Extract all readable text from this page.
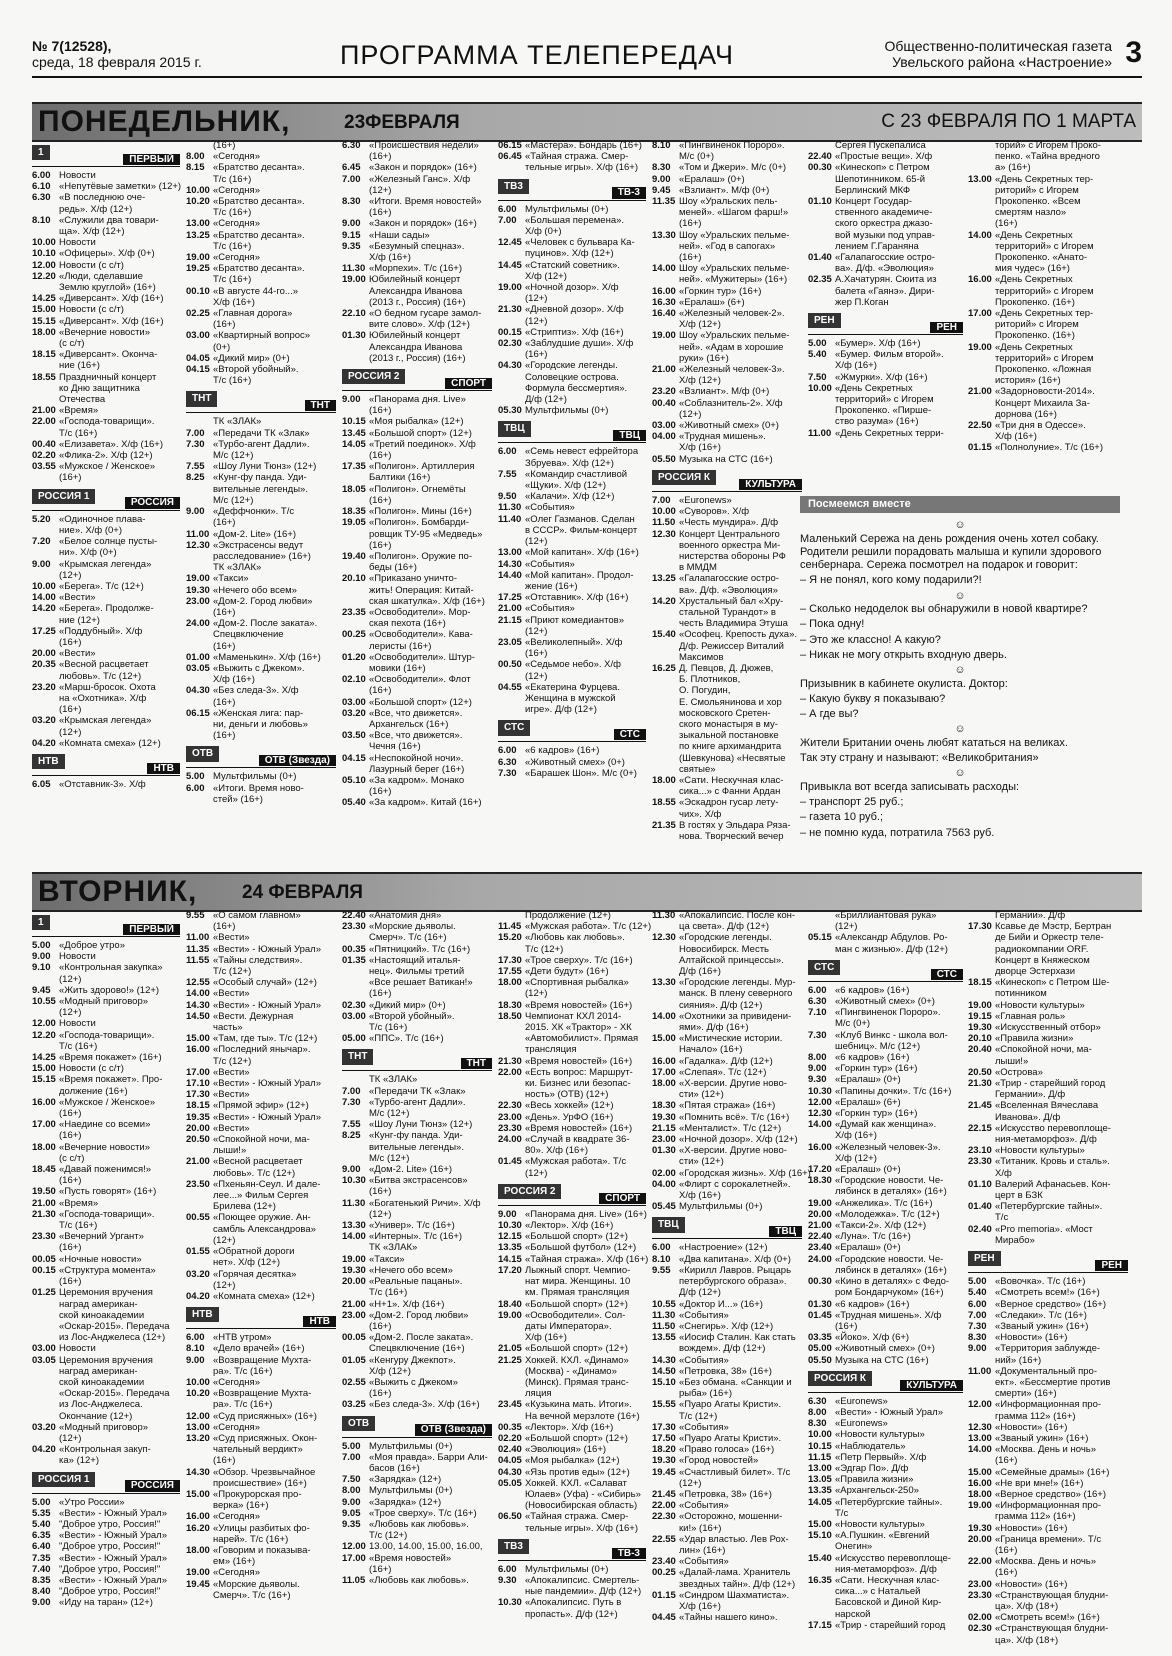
№ 7(12528),
среда, 18 февраля 2015 г.	ПРОГРАММА ТЕЛЕПЕРЕДАЧ	Общественно-политическая газета
Увельского района «Настроение» 3
ПОНЕДЕЛЬНИК,	23ФЕВРАЛЯ	С 23 ФЕВРАЛЯ ПО 1 МАРТА
1
ПЕРВЫЙ
6.00 Новости
6.10 «Непутёвые заметки» (12+)
6.30 «В последнюю оче-
редь». Х/ф (12+)
8.10 «Служили два товари-
ща». Х/ф (12+)
10.00 Новости
10.10 «Офицеры». Х/ф (0+)
12.00 Новости (с с/т)
12.20 «Люди, сделавшие
Землю круглой» (16+)
14.25 «Диверсант». Х/ф (16+)
15.00 Новости (с с/т)
15.15 «Диверсант». Х/ф (16+)
18.00 «Вечерние новости»
(с с/т)
18.15 «Диверсант». Оконча-
ние (16+)
18.55 Праздничный концерт
ко Дню защитника
Отечества
21.00 «Время»
22.00 «Господа-товарищи».
Т/с (16+)
00.40 «Елизавета». Х/ф (16+)
02.20 «Флика-2». Х/ф (12+)
03.55 «Мужское / Женское»
(16+)
РОССИЯ 1
РОССИЯ
5.20 «Одиночное плава-
ние». Х/ф (0+)
7.20 «Белое солнце пусты-
ни». Х/ф (0+)
9.00 «Крымская легенда»
(12+)
10.00 «Берега». Т/с (12+)
14.00 «Вести»
14.20 «Берега». Продолже-
ние (12+)
17.25 «Поддубный». Х/ф
(16+)
20.00 «Вести»
20.35 «Весной расцветает
любовь». Т/с (12+)
23.20 «Марш-бросок. Охота
на «Охотника». Х/ф
(16+)
03.20 «Крымская легенда»
(12+)
04.20 «Комната смеха» (12+)
НТВ
НТВ
6.05 «Отставник-3». Х/ф
(16+)
8.00 «Сегодня»
8.15 «Братство десанта».
Т/с (16+)
10.00 «Сегодня»
10.20 «Братство десанта».
Т/с (16+)
13.00 «Сегодня»
13.25 «Братство десанта».
Т/с (16+)
19.00 «Сегодня»
19.25 «Братство десанта».
Т/с (16+)
00.10 «В августе 44-го...»
Х/ф (16+)
02.25 «Главная дорога»
(16+)
03.00 «Квартирный вопрос»
(0+)
04.05 «Дикий мир» (0+)
04.15 «Второй убойный».
Т/с (16+)
ТНТ
ТНТ
ТК «ЗЛАК»
7.00 «Передачи ТК «Злак»
7.30 «Турбо-агент Дадли».
М/с (12+)
7.55 «Шоу Луни Тюнз» (12+)
8.25 «Кунг-фу панда. Уди-
вительные легенды».
М/с (12+)
9.00 «Деффчонки». Т/с
(16+)
11.00 «Дом-2. Lite» (16+)
12.30 «Экстрасенсы ведут
расследование» (16+)
ТК «ЗЛАК»
19.00 «Такси»
19.30 «Нечего обо всем»
23.00 «Дом-2. Город любви»
(16+)
24.00 «Дом-2. После заката».
Спецвключение
(16+)
01.00 «Маменькин». Х/ф (16+)
03.05 «Выжить с Джеком».
Х/ф (16+)
04.30 «Без следа-3». Х/ф
(16+)
06.15 «Женская лига: пар-
ни, деньги и любовь»
(16+)
ОТВ
ОТВ (Звезда)
5.00 Мультфильмы (0+)
6.00 «Итоги. Время ново-
стей» (16+)
6.30 «Происшествия недели»
(16+)
6.45 «Закон и порядок» (16+)
7.00 «Железный Ганс». Х/ф
(12+)
8.30 «Итоги. Время новостей»
(16+)
9.00 «Закон и порядок» (16+)
9.15 «Наши сады»
9.35 «Безумный спецназ».
Х/ф (16+)
11.30 «Морпехи». Т/с (16+)
19.00 Юбилейный концерт
Александра Иванова
(2013 г., Россия) (16+)
22.10 «О бедном гусаре замол-
вите слово». Х/ф (12+)
01.30 Юбилейный концерт
Александра Иванова
(2013 г., Россия) (16+)
РОССИЯ 2
СПОРТ
9.00 «Панорама дня. Live»
(16+)
10.15 «Моя рыбалка» (12+)
13.45 «Большой спорт» (12+)
14.05 «Третий поединок». Х/ф
(16+)
17.35 «Полигон». Артиллерия
Балтики (16+)
18.05 «Полигон». Огнемёты
(16+)
18.35 «Полигон». Мины (16+)
19.05 «Полигон». Бомбарди-
ровщик ТУ-95 «Медведь»
(16+)
19.40 «Полигон». Оружие по-
беды (16+)
20.10 «Приказано уничто-
жить! Операция: Китай-
ская шкатулка». Х/ф (16+)
23.35 «Освободители». Мор-
ская пехота (16+)
00.25 «Освободители». Кава-
леристы (16+)
01.20 «Освободители». Штур-
мовики (16+)
02.10 «Освободители». Флот
(16+)
03.00 «Большой спорт» (12+)
03.20 «Все, что движется».
Архангельск (16+)
03.50 «Все, что движется».
Чечня (16+)
04.15 «Неспокойной ночи».
Лазурный берег (16+)
05.10 «За кадром». Монако
(16+)
05.40 «За кадром». Китай (16+)
06.15 «Мастера». Бондарь (16+)
06.45 «Тайная стража. Смер-
тельные игры». Х/ф (16+)
ТВ3
ТВ-3
6.00 Мультфильмы (0+)
7.00 «Большая перемена».
Х/ф (0+)
12.45 «Человек с бульвара Ка-
пуцинов». Х/ф (12+)
14.45 «Статский советник».
Х/ф (12+)
19.00 «Ночной дозор». Х/ф
(12+)
21.30 «Дневной дозор». Х/ф
(12+)
00.15 «Стриптиз». Х/ф (16+)
02.30 «Заблудшие души». Х/ф
(16+)
04.30 «Городские легенды.
Соловецкие острова.
Формула бессмертия».
Д/ф (12+)
05.30 Мультфильмы (0+)
ТВЦ
ТВЦ
6.00 «Семь невест ефрейтора
Збруева». Х/ф (12+)
7.55 «Командир счастливой
«Щуки». Х/ф (12+)
9.50 «Калачи». Х/ф (12+)
11.30 «События»
11.40 «Олег Газманов. Сделан
в СССР». Фильм-концерт
(12+)
13.00 «Мой капитан». Х/ф (16+)
14.30 «События»
14.40 «Мой капитан». Продол-
жение (16+)
17.25 «Отставник». Х/ф (16+)
21.00 «События»
21.15 «Приют комедиантов»
(12+)
23.05 «Великолепный». Х/ф
(16+)
00.50 «Седьмое небо». Х/ф
(12+)
04.55 «Екатерина Фурцева.
Женщина в мужской
игре». Д/ф (12+)
СТС
СТС
6.00 «6 кадров» (16+)
6.30 «Животный смех» (0+)
7.30 «Барашек Шон». М/с (0+)
8.10 «Пингвиненок Пороро».
М/с (0+)
8.30 «Том и Джери». М/с (0+)
9.00 «Ералаш» (0+)
9.45 «Взлиант». М/ф (0+)
11.35 Шоу «Уральских пель-
меней». «Шагом фарш!»
(16+)
13.30 Шоу «Уральских пельме-
ней». «Год в сапогах»
(16+)
14.00 Шоу «Уральских пельме-
ней». «Мужитеры» (16+)
16.00 «Горкин тур» (16+)
16.30 «Ералаш» (6+)
16.40 «Железный человек-2».
Х/ф (12+)
19.00 Шоу «Уральских пельме-
ней». «Адам в хорошие
руки» (16+)
21.00 «Железный человек-3».
Х/ф (12+)
23.20 «Взлиант». М/ф (0+)
00.40 «Соблазнитель-2». Х/ф
(12+)
03.00 «Животный смех» (0+)
04.00 «Трудная мишень».
Х/ф (16+)
05.50 Музыка на СТС (16+)
РОССИЯ К
КУЛЬТУРА
7.00 «Euronews»
10.00 «Суворов». Х/ф
11.50 «Честь мундира». Д/ф
12.30 Концерт Центрального
военного оркестра Ми-
нистерства обороны РФ
в ММДМ
13.25 «Галапагосские остро-
ва». Д/ф. «Эволюция»
14.20 Хрустальный бал «Хру-
стальной Турандот» в
честь Владимира Этуша
15.40 «Ософец. Крепость духа».
Д/ф. Режиссер Виталий
Максимов
16.25 Д. Певцов, Д. Дюжев,
Б. Плотников,
О. Погудин,
Е. Смольянинова и хор
московского Сретен-
ского монастыря в му-
зыкальной постановке
по книге архимандрита
(Шевкунова) «Несвятые
святые»
18.00 «Сати. Нескучная клас-
сика...» с Фанни Ардан
18.55 «Эскадрон гусар лету-
чих». Х/ф
21.35 В гостях у Эльдара Ряза-
нова. Творческий вечер
Сергея Пускепалиса
22.40 «Простые вещи». Х/ф
00.30 «Кинескоп» с Петром
Шепотинником. 65-й
Берлинский МКФ
01.10 Концерт Государ-
ственного академиче-
ского оркестра джазо-
вой музыки под управ-
лением Г.Гараняна
01.40 «Галапагосские остро-
ва». Д/ф. «Эволюция»
02.35 А.Хачатурян. Сюита из
балета «Гаянэ». Дири-
жер П.Коган
РЕН
РЕН
5.00 «Бумер». Х/ф (16+)
5.40 «Бумер. Фильм второй».
Х/ф (16+)
7.50 «Жмурки». Х/ф (16+)
10.00 «День Секретных
территорий» с Игорем
Прокопенко. «Пирше-
ство разума» (16+)
11.00 «День Секретных терри-
торий» с Игорем Проко-
пенко. «Тайна вредного
а» (16+)
13.00 «День Секретных тер-
риторий» с Игорем
Прокопенко. «Всем
смертям назло»
(16+)
14.00 «День Секретных
территорий» с Игорем
Прокопенко. «Анато-
мия чудес» (16+)
16.00 «День Секретных
территорий» с Игорем
Прокопенко. (16+)
17.00 «День Секретных тер-
риторий» с Игорем
Прокопенко. (16+)
19.00 «День Секретных
территорий» с Игорем
Прокопенко. «Ложная
история» (16+)
21.00 «Задорновости-2014».
Концерт Михаила За-
дорнова (16+)
22.50 «Три дня в Одессе».
Х/ф (16+)
01.15 «Полнолуние». Т/с (16+)
Посмеемся вместе
☺

Маленький Сережа на день рождения очень хотел собаку. Родители решили порадовать малыша и купили здорового сенбернара. Сережа посмотрел на подарок и говорит:

– Я не понял, кого кому подарили?!

☺

– Сколько недоделок вы обнаружили в новой квартире?

– Пока одну!

– Это же классно! А какую?

– Никак не могу открыть входную дверь.

☺

Призывник в кабинете окулиста. Доктор:

– Какую букву я показываю?

– А где вы?

☺

Жители Британии очень любят кататься на великах.

Так эту страну и называют: «Великобритания»

☺

Привыкла вот всегда записывать расходы:

– транспорт 25 руб.;

– газета 10 руб.;

– не помню куда, потратила 7563 руб.

ВТОРНИК, 24 ФЕВРАЛЯ
1
ПЕРВЫЙ
5.00 «Доброе утро»
9.00 Новости
9.10 «Контрольная закупка»
(12+)
9.45 «Жить здорово!» (12+)
10.55 «Модный приговор»
(12+)
12.00 Новости
12.20 «Господа-товарищи».
Т/с (16+)
14.25 «Время покажет» (16+)
15.00 Новости (с с/т)
15.15 «Время покажет». Про-
должение (16+)
16.00 «Мужское / Женское»
(16+)
17.00 «Наедине со всеми»
(16+)
18.00 «Вечерние новости»
(с с/т)
18.45 «Давай поженимся!»
(16+)
19.50 «Пусть говорят» (16+)
21.00 «Время»
21.30 «Господа-товарищи».
Т/с (16+)
23.30 «Вечерний Ургант»
(16+)
00.05 «Ночные новости»
00.15 «Структура момента»
(16+)
01.25 Церемония вручения
наград американ-
ской киноакадемии
«Оскар-2015». Передача
из Лос-Анджелеса (12+)
03.00 Новости
03.05 Церемония вручения
наград американ-
ской киноакадемии
«Оскар-2015». Передача
из Лос-Анджелеса.
Окончание (12+)
03.20 «Модный приговор»
(12+)
04.20 «Контрольная закуп-
ка» (12+)
РОССИЯ 1
РОССИЯ
5.00 «Утро России»
5.35 «Вести» - Южный Урал»
5.40 "Доброе утро, Россия!"
6.35 «Вести» - Южный Урал»
6.40 "Доброе утро, Россия!"
7.35 «Вести» - Южный Урал»
7.40 "Доброе утро, Россия!"
8.35 «Вести» - Южный Урал»
8.40 "Доброе утро, Россия!"
9.00 «Иду на таран» (12+)
9.55 «О самом главном»
(16+)
11.00 «Вести»
11.35 «Вести» - Южный Урал»
11.55 «Тайны следствия».
Т/с (12+)
12.55 «Особый случай» (12+)
14.00 «Вести»
14.30 «Вести» - Южный Урал»
14.50 «Вести. Дежурная
часть»
15.00 «Там, где ты». Т/с (12+)
16.00 «Последний янычар».
Т/с (12+)
17.00 «Вести»
17.10 «Вести» - Южный Урал»
17.30 «Вести»
18.15 «Прямой эфир» (12+)
19.35 «Вести» - Южный Урал»
20.00 «Вести»
20.50 «Спокойной ночи, ма-
лыши!»
21.00 «Весной расцветает
любовь». Т/с (12+)
23.50 «Пхеньян-Сеул. И дале-
лее...» Фильм Сергея
Брилева (12+)
00.55 «Поющее оружие. Ан-
самбль Александрова»
(12+)
01.55 «Обратной дороги
нет». Х/ф (12+)
03.20 «Горячая десятка»
(12+)
04.20 «Комната смеха» (12+)
НТВ
НТВ
6.00 «НТВ утром»
8.10 «Дело врачей» (16+)
9.00 «Возвращение Мухта-
ра». Т/с (16+)
10.00 «Сегодня»
10.20 «Возвращение Мухта-
ра». Т/с (16+)
12.00 «Суд присяжных» (16+)
13.00 «Сегодня»
13.20 «Суд присяжных. Окон-
чательный вердикт»
(16+)
14.30 «Обзор. Чрезвычайное
происшествие» (16+)
15.00 «Прокурорская про-
верка» (16+)
16.00 «Сегодня»
16.20 «Улицы разбитых фо-
нарей». Т/с (16+)
18.00 «Говорим и показыва-
ем» (16+)
19.00 «Сегодня»
19.45 «Морские дьяволы.
Смерч». Т/с (16+)
22.40 «Анатомия дня»
23.30 «Морские дьяволы.
Смерч». Т/с (16+)
00.35 «Пятницкий». Т/с (16+)
01.35 «Настоящий италья-
нец». Фильмы третий
«Все решает Ватикан!»
(16+)
02.30 «Дикий мир» (0+)
03.00 «Второй убойный».
Т/с (16+)
05.00 «ППС». Т/с (16+)
ТНТ
ТНТ
ТК «ЗЛАК»
7.00 «Передачи ТК «Злак»
7.30 «Турбо-агент Дадли».
М/с (12+)
7.55 «Шоу Луни Тюнз» (12+)
8.25 «Кунг-фу панда. Уди-
вительные легенды».
М/с (12+)
9.00 «Дом-2. Lite» (16+)
10.30 «Битва экстрасенсов»
(16+)
11.30 «Богатенький Ричи». Х/ф
(12+)
13.30 «Универ». Т/с (16+)
14.00 «Интерны». Т/с (16+)
ТК «ЗЛАК»
19.00 «Такси»
19.30 «Нечего обо всем»
20.00 «Реальные пацаны».
Т/с (16+)
21.00 «Н+1». Х/ф (16+)
23.00 «Дом-2. Город любви»
(16+)
00.05 «Дом-2. После заката».
Спецвключение (16+)
01.05 «Кенгуру Джекпот».
Х/ф (12+)
02.55 «Выжить с Джеком»
(16+)
03.25 «Без следа-3». Х/ф (16+)
ОТВ
ОТВ (Звезда)
5.00 Мультфильмы (0+)
7.00 «Моя правда». Барри Али-
басов (16+)
7.50 «Зарядка» (12+)
8.00 Мультфильмы (0+)
9.00 «Зарядка» (12+)
9.05 «Трое сверху». Т/с (16+)
9.35 «Любовь как любовь».
Т/с (12+)
12.00 13.00, 14.00, 15.00, 16.00,
17.00 «Время новостей»
(16+)
11.05 «Любовь как любовь».
Продолжение (12+)
11.45 «Мужская работа». Т/с (12+)
15.20 «Любовь как любовь».
Т/с (12+)
17.30 «Трое сверху». Т/с (16+)
17.55 «Дети будут» (16+)
18.00 «Спортивная рыбалка»
(12+)
18.30 «Время новостей» (16+)
18.50 Чемпионат КХЛ 2014-
2015. ХК «Трактор» - ХК
«Автомобилист». Прямая
трансляция
21.30 «Время новостей» (16+)
22.00 «Есть вопрос: Маршрут-
ки. Бизнес или безопас-
ность» (ОТВ) (12+)
22.30 «Весь хоккей» (12+)
23.00 «День». УрФО (16+)
23.30 «Время новостей» (16+)
24.00 «Случай в квадрате 36-
80». Х/ф (16+)
01.45 «Мужская работа». Т/с
(12+)
РОССИЯ 2
СПОРТ
9.00 «Панорама дня. Live» (16+)
10.30 «Лектор». Х/ф (16+)
12.15 «Большой спорт» (12+)
13.35 «Большой футбол» (12+)
14.15 «Тайная стража». Х/ф (16+)
17.20 Лыжный спорт. Чемпио-
нат мира. Женщины. 10
км. Прямая трансляция
18.40 «Большой спорт» (12+)
19.00 «Освободители». Сол-
даты Императора».
Х/ф (16+)
21.05 «Большой спорт» (12+)
21.25 Хоккей. КХЛ. «Динамо»
(Москва) - «Динамо»
(Минск). Прямая транс-
ляция
23.45 «Кузькина мать. Итоги».
На вечной мерзлоте (16+)
00.35 «Лектор». Х/ф (16+)
02.20 «Большой спорт» (12+)
02.40 «Эволюция» (16+)
04.05 «Моя рыбалка» (12+)
04.30 «Язь против еды» (12+)
05.05 Хоккей. КХЛ. «Салават
Юлаев» (Уфа) - «Сибирь»
(Новосибирская область)
06.50 «Тайная стража. Смер-
тельные игры». Х/ф (16+)
ТВ3
ТВ-3
6.00 Мультфильмы (0+)
9.30 «Апокалипсис. Смертель-
ные пандемии». Д/ф (12+)
10.30 «Апокалипсис. Путь в
пропасть». Д/ф (12+)
11.30 «Апокалипсис. После кон-
ца света». Д/ф (12+)
12.30 «Городские легенды.
Новосибирск. Месть
Алтайской принцессы».
Д/ф (16+)
13.30 «Городские легенды. Мур-
манск. В плену северного
сияния». Д/ф (12+)
14.00 «Охотники за привидени-
ями». Д/ф (16+)
15.00 «Мистические истории.
Начало» (16+)
16.00 «Гадалка». Д/ф (12+)
17.00 «Слепая». Т/с (12+)
18.00 «Х-версии. Другие ново-
сти» (12+)
18.30 «Пятая стража» (16+)
19.30 «Помнить всё». Т/с (16+)
21.15 «Менталист». Т/с (12+)
23.00 «Ночной дозор». Х/ф (12+)
01.30 «Х-версии. Другие ново-
сти» (12+)
02.00 «Городская жизнь». Х/ф (16+)
04.00 «Флирт с сорокалетней».
Х/ф (16+)
05.45 Мультфильмы (0+)
ТВЦ
ТВЦ
6.00 «Настроение» (12+)
8.10 «Два капитана». Х/ф (0+)
9.55 «Кирилл Лавров. Рыцарь
петербургского образа».
Д/ф (12+)
10.55 «Доктор И...» (16+)
11.30 «События»
11.50 «Снегирь». Х/ф (12+)
13.55 «Иосиф Сталин. Как стать
вождем». Д/ф (12+)
14.30 «События»
14.50 «Петровка, 38» (16+)
15.10 «Без обмана. «Санкции и
рыба» (16+)
15.55 «Пуаро Агаты Кристи».
Т/с (12+)
17.30 «События»
17.50 «Пуаро Агаты Кристи».
18.20 «Право голоса» (16+)
19.30 «Город новостей»
19.45 «Счастливый билет». Т/с
(12+)
21.45 «Петровка, 38» (16+)
22.00 «События»
22.30 «Осторожно, мошенни-
ки!» (16+)
22.55 «Удар властью. Лев Рох-
лин» (16+)
23.40 «События»
00.25 «Далай-лама. Хранитель
звездных тайн». Д/ф (12+)
01.15 «Синдром Шахматиста».
Х/ф (16+)
04.45 «Тайны нашего кино».
«Бриллиантовая рука»
(12+)
05.15 «Александр Абдулов. Ро-
ман с жизнью». Д/ф (12+)
СТС
СТС
6.00 «6 кадров» (16+)
6.30 «Животный смех» (0+)
7.10 «Пингвиненок Пороро».
М/с (0+)
7.30 «Клуб Винкс - школа вол-
шебниц». М/с (12+)
8.00 «6 кадров» (16+)
9.00 «Горкин тур» (16+)
9.30 «Ералаш» (0+)
10.30 «Папины дочки». Т/с (16+)
12.00 «Ералаш» (6+)
12.30 «Горкин тур» (16+)
14.00 «Думай как женщина».
Х/ф (16+)
16.00 «Железный человек-3».
Х/ф (12+)
17.20 «Ералаш» (0+)
18.30 «Городские новости. Че-
лябинск в деталях» (16+)
19.00 «Анжелика». Т/с (16+)
20.00 «Молодежка». Т/с (12+)
21.00 «Такси-2». Х/ф (12+)
22.40 «Луна». Т/с (16+)
23.40 «Ералаш» (0+)
24.00 «Городские новости. Че-
лябинск в деталях» (16+)
00.30 «Кино в деталях» с Федо-
ром Бондарчуком» (16+)
01.30 «6 кадров» (16+)
01.45 «Трудная мишень». Х/ф
(16+)
03.35 «Йоко». Х/ф (6+)
05.00 «Животный смех» (0+)
05.50 Музыка на СТС (16+)
РОССИЯ К
КУЛЬТУРА
6.30 «Euronews»
8.00 «Вести» - Южный Урал»
8.30 «Euronews»
10.00 «Новости культуры»
10.15 «Наблюдатель»
11.15 «Петр Первый». Х/ф
13.00 «Эдгар По». Д/ф
13.05 «Правила жизни»
13.35 «Архангельск-250»
14.05 «Петербургские тайны».
Т/с
15.00 «Новости культуры»
15.10 «А.Пушкин. «Евгений
Онегин»
15.40 «Искусство перевоплоще-
ния-метаморфоз». Д/ф
16.35 «Сати. Нескучная клас-
сика...» с Натальей
Басовской и Диной Кир-
нарской
17.15 «Трир - старейший город
Германии». Д/ф
17.30 Ксавье де Мэстр, Бертран
де Бийи и Оркестр теле-
радиокомпании ORF.
Концерт в Княжеском
дворце Эстерхази
18.15 «Кинескоп» с Петром Ше-
потинником
19.00 «Новости культуры»
19.15 «Главная роль»
19.30 «Искусственный отбор»
20.10 «Правила жизни»
20.40 «Спокойной ночи, ма-
лыши!»
20.50 «Острова»
21.30 «Трир - старейший город
Германии». Д/ф
21.45 «Вселенная Вячеслава
Иванова». Д/ф
22.15 «Искусство перевоплоще-
ния-метаморфоз». Д/ф
23.10 «Новости культуры»
23.30 «Титаник. Кровь и сталь».
Х/ф
01.10 Валерий Афанасьев. Кон-
церт в БЗК
01.40 «Петербургские тайны».
Т/с
02.40 «Pro memoria». «Мост
Мирабо»
РЕН
РЕН
5.00 «Вовочка». Т/с (16+)
5.40 «Смотреть всем!» (16+)
6.00 «Верное средство» (16+)
7.00 «Следаки». Т/с (16+)
7.30 «Званый ужин» (16+)
8.30 «Новости» (16+)
9.00 «Территория заблужде-
ний» (16+)
11.00 «Документальный про-
ект». «Бессмертие против
смерти» (16+)
12.00 «Информационная про-
грамма 112» (16+)
12.30 «Новости» (16+)
13.00 «Званый ужин» (16+)
14.00 «Москва. День и ночь»
(16+)
15.00 «Семейные драмы» (16+)
16.00 «Не ври мне!» (16+)
18.00 «Верное средство» (16+)
19.00 «Информационная про-
грамма 112» (16+)
19.30 «Новости» (16+)
20.00 «Граница времени». Т/с
(16+)
22.00 «Москва. День и ночь»
(16+)
23.00 «Новости» (16+)
23.30 «Странствующая блудни-
ца». Х/ф (18+)
02.00 «Смотреть всем!» (16+)
02.30 «Странствующая блудни-
ца». Х/ф (18+)
